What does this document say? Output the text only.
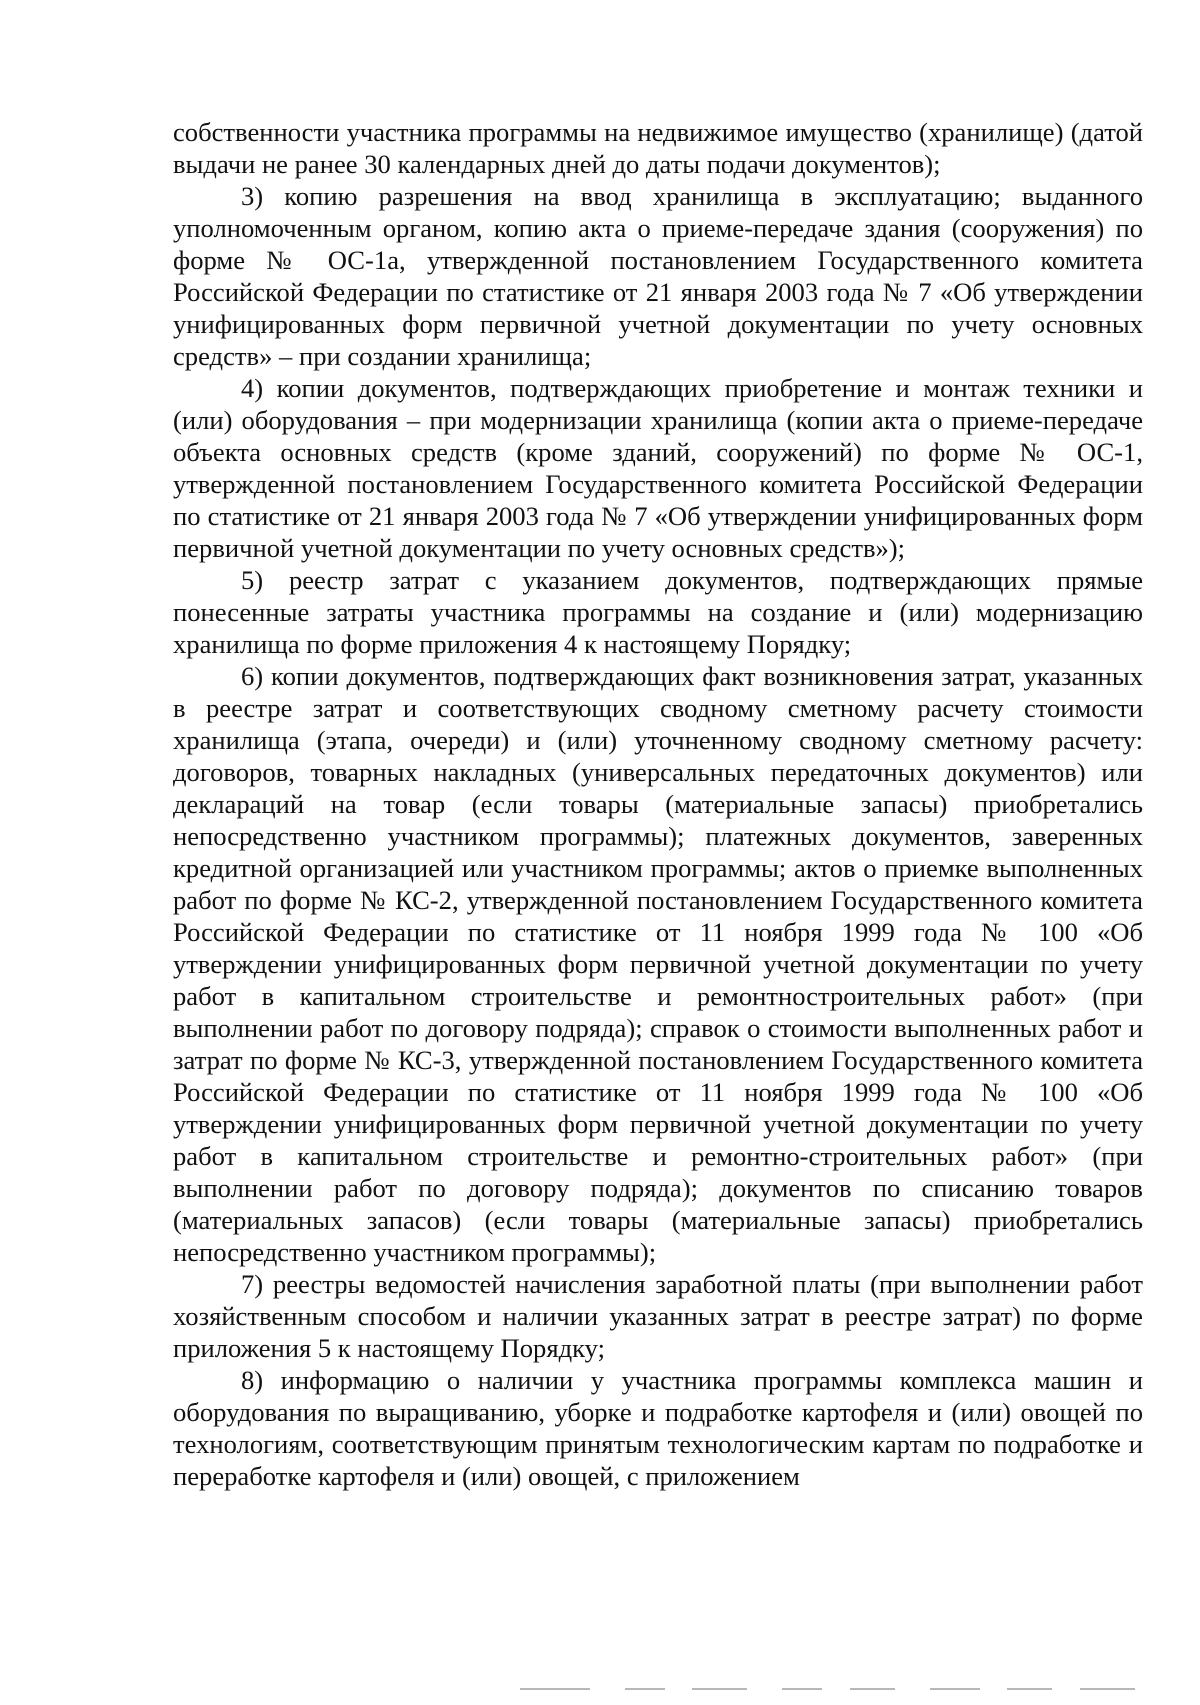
собственности участника программы на недвижимое имущество (хранилище) (датой выдачи не ранее 30 календарных дней до даты подачи документов);

3) копию разрешения на ввод хранилища в эксплуатацию; выданного уполномоченным органом, копию акта о приеме-передаче здания (сооружения) по форме № ОС-1а, утвержденной постановлением Государственного комитета Российской Федерации по статистике от 21 января 2003 года № 7 «Об утверждении унифицированных форм первичной учетной документации по учету основных средств» – при создании хранилища;

4) копии документов, подтверждающих приобретение и монтаж техники и (или) оборудования – при модернизации хранилища (копии акта о приеме-передаче объекта основных средств (кроме зданий, сооружений) по форме № ОС-1, утвержденной постановлением Государственного комитета Российской Федерации по статистике от 21 января 2003 года № 7 «Об утверждении унифицированных форм первичной учетной документации по учету основных средств»);

5) реестр затрат с указанием документов, подтверждающих прямые понесенные затраты участника программы на создание и (или) модернизацию хранилища по форме приложения 4 к настоящему Порядку;

6) копии документов, подтверждающих факт возникновения затрат, указанных в реестре затрат и соответствующих сводному сметному расчету стоимости хранилища (этапа, очереди) и (или) уточненному сводному сметному расчету: договоров, товарных накладных (универсальных передаточных документов) или деклараций на товар (если товары (материальные запасы) приобретались непосредственно участником программы); платежных документов, заверенных кредитной организацией или участником программы; актов о приемке выполненных работ по форме № КС-2, утвержденной постановлением Государственного комитета Российской Федерации по статистике от 11 ноября 1999 года № 100 «Об утверждении унифицированных форм первичной учетной документации по учету работ в капитальном строительстве и ремонтностроительных работ» (при выполнении работ по договору подряда); справок о стоимости выполненных работ и затрат по форме № КС-3, утвержденной постановлением Государственного комитета Российской Федерации по статистике от 11 ноября 1999 года № 100 «Об утверждении унифицированных форм первичной учетной документации по учету работ в капитальном строительстве и ремонтно-строительных работ» (при выполнении работ по договору подряда); документов по списанию товаров (материальных запасов) (если товары (материальные запасы) приобретались непосредственно участником программы);

7) реестры ведомостей начисления заработной платы (при выполнении работ хозяйственным способом и наличии указанных затрат в реестре затрат) по форме приложения 5 к настоящему Порядку;

8) информацию о наличии у участника программы комплекса машин и оборудования по выращиванию, уборке и подработке картофеля и (или) овощей по технологиям, соответствующим принятым технологическим картам по подработке и переработке картофеля и (или) овощей, с приложением
